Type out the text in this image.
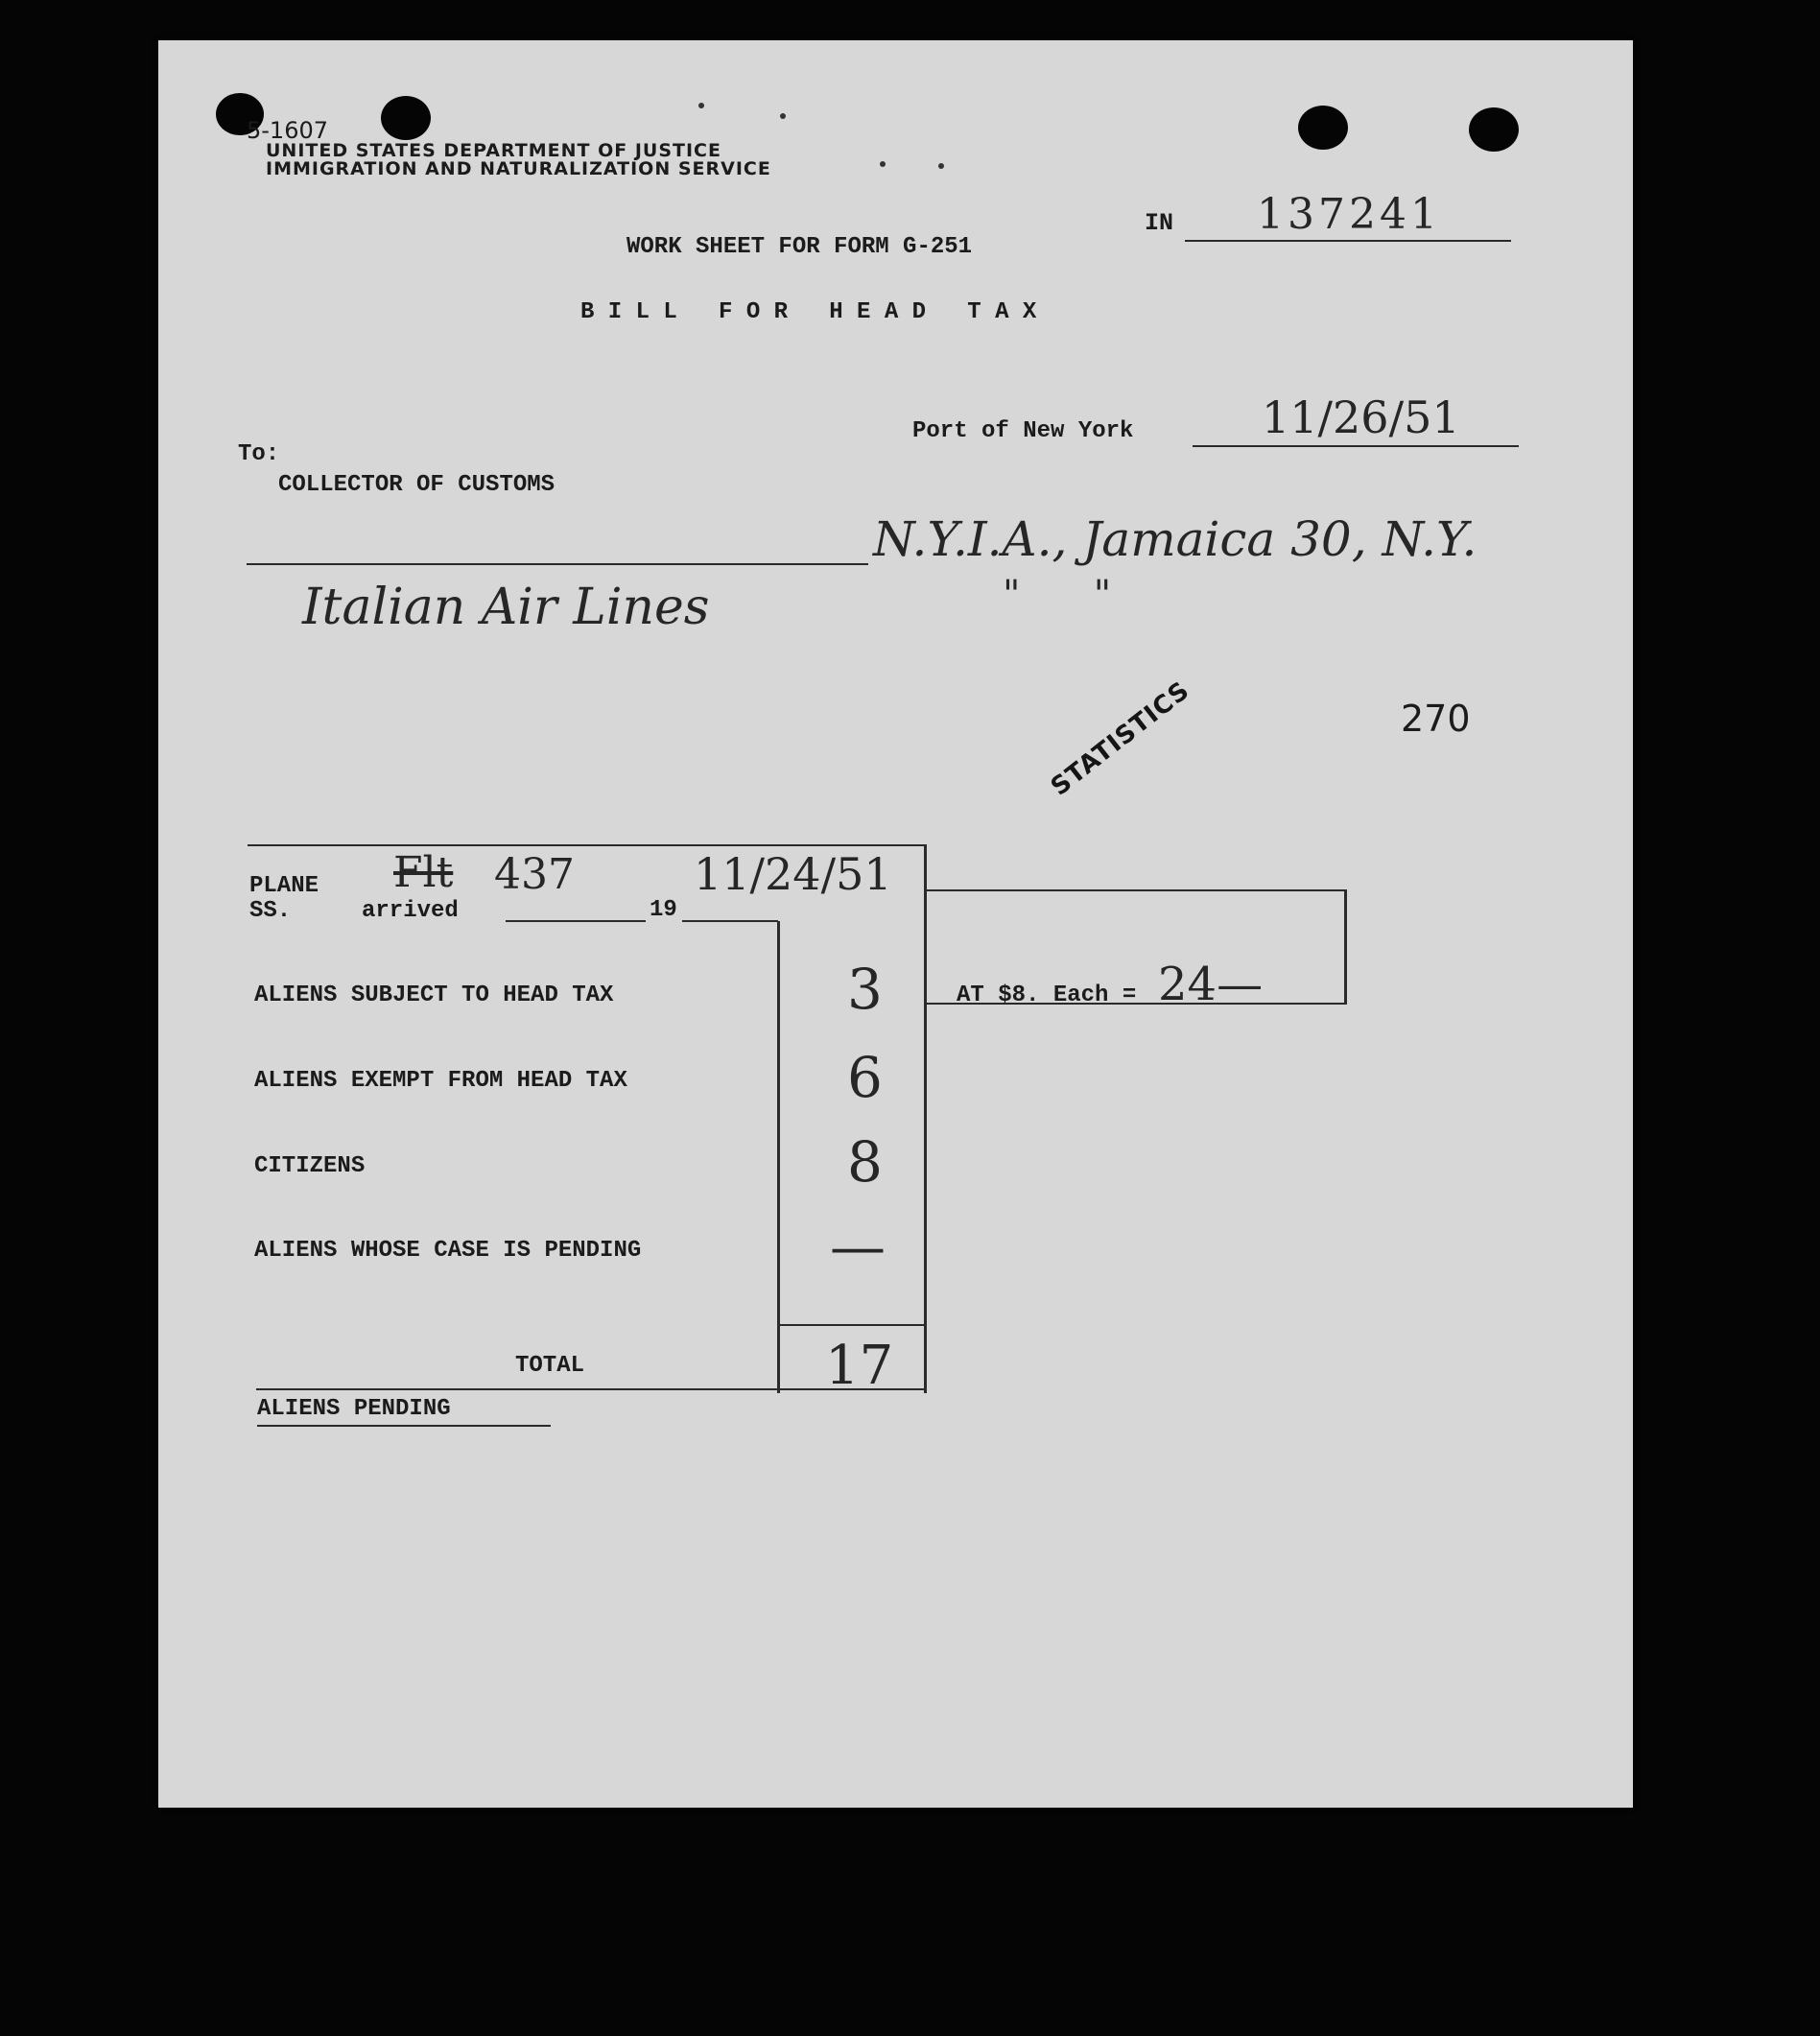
5-1607
UNITED STATES DEPARTMENT OF JUSTICE
IMMIGRATION AND NATURALIZATION SERVICE
IN 137241
WORK SHEET FOR FORM G-251
B I L L   F O R   H E A D   T A X
Port of New York	11/26/51
To:
COLLECTOR OF CUSTOMS
N.Y.I.A., Jamaica 30, N.Y.
"      "
Italian Air Lines
STATISTICS	270
PLANE Flt 437	11/24/51
SS.	arrived	19
ALIENS SUBJECT TO HEAD TAX	3	AT $8. Each = 24—
ALIENS EXEMPT FROM HEAD TAX	6
CITIZENS	8
ALIENS WHOSE CASE IS PENDING	—
TOTAL	17
ALIENS PENDING
